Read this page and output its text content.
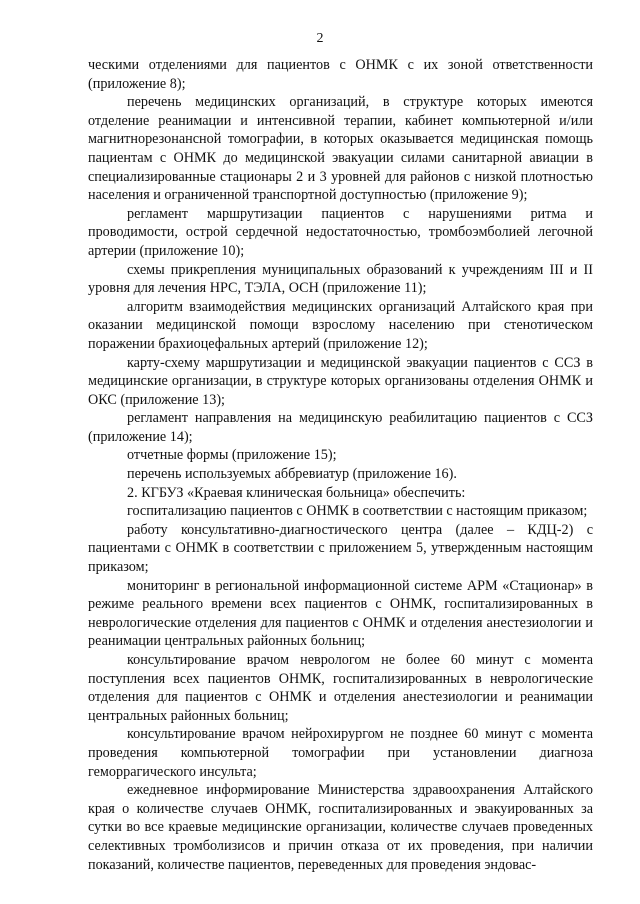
2

ческими отделениями для пациентов с ОНМК с их зоной ответственности (приложение 8);

перечень медицинских организаций, в структуре которых имеются отделение реанимации и интенсивной терапии, кабинет компьютерной и/или магнитнорезонансной томографии, в которых оказывается медицинская помощь пациентам с ОНМК до медицинской эвакуации силами санитарной авиации в специализированные стационары 2 и 3 уровней для районов с низкой плотностью населения и ограниченной транспортной доступностью (приложение 9);

регламент маршрутизации пациентов с нарушениями ритма и проводимости, острой сердечной недостаточностью, тромбоэмболией легочной артерии (приложение 10);

схемы прикрепления муниципальных образований к учреждениям III и II уровня для лечения НРС, ТЭЛА, ОСН (приложение 11);

алгоритм взаимодействия медицинских организаций Алтайского края при оказании медицинской помощи взрослому населению при стенотическом поражении брахиоцефальных артерий (приложение 12);

карту-схему маршрутизации и медицинской эвакуации пациентов с ССЗ в медицинские организации, в структуре которых организованы отделения ОНМК и ОКС (приложение 13);

регламент направления на медицинскую реабилитацию пациентов с ССЗ (приложение 14);

отчетные формы (приложение 15);

перечень используемых аббревиатур (приложение 16).

2. КГБУЗ «Краевая клиническая больница» обеспечить:

госпитализацию пациентов с ОНМК в соответствии с настоящим приказом;

работу консультативно-диагностического центра (далее – КДЦ-2) с пациентами с ОНМК в соответствии с приложением 5, утвержденным настоящим приказом;

мониторинг в региональной информационной системе АРМ «Стационар» в режиме реального времени всех пациентов с ОНМК, госпитализированных в неврологические отделения для пациентов с ОНМК и отделения анестезиологии и реанимации центральных районных больниц;

консультирование врачом неврологом не более 60 минут с момента поступления всех пациентов ОНМК, госпитализированных в неврологические отделения для пациентов с ОНМК и отделения анестезиологии и реанимации центральных районных больниц;

консультирование врачом нейрохирургом не позднее 60 минут с момента проведения компьютерной томографии при установлении диагноза геморрагического инсульта;

ежедневное информирование Министерства здравоохранения Алтайского края о количестве случаев ОНМК, госпитализированных и эвакуированных за сутки во все краевые медицинские организации, количестве случаев проведенных селективных тромболизисов и причин отказа от их проведения, при наличии показаний, количестве пациентов, переведенных для проведения эндовас-
